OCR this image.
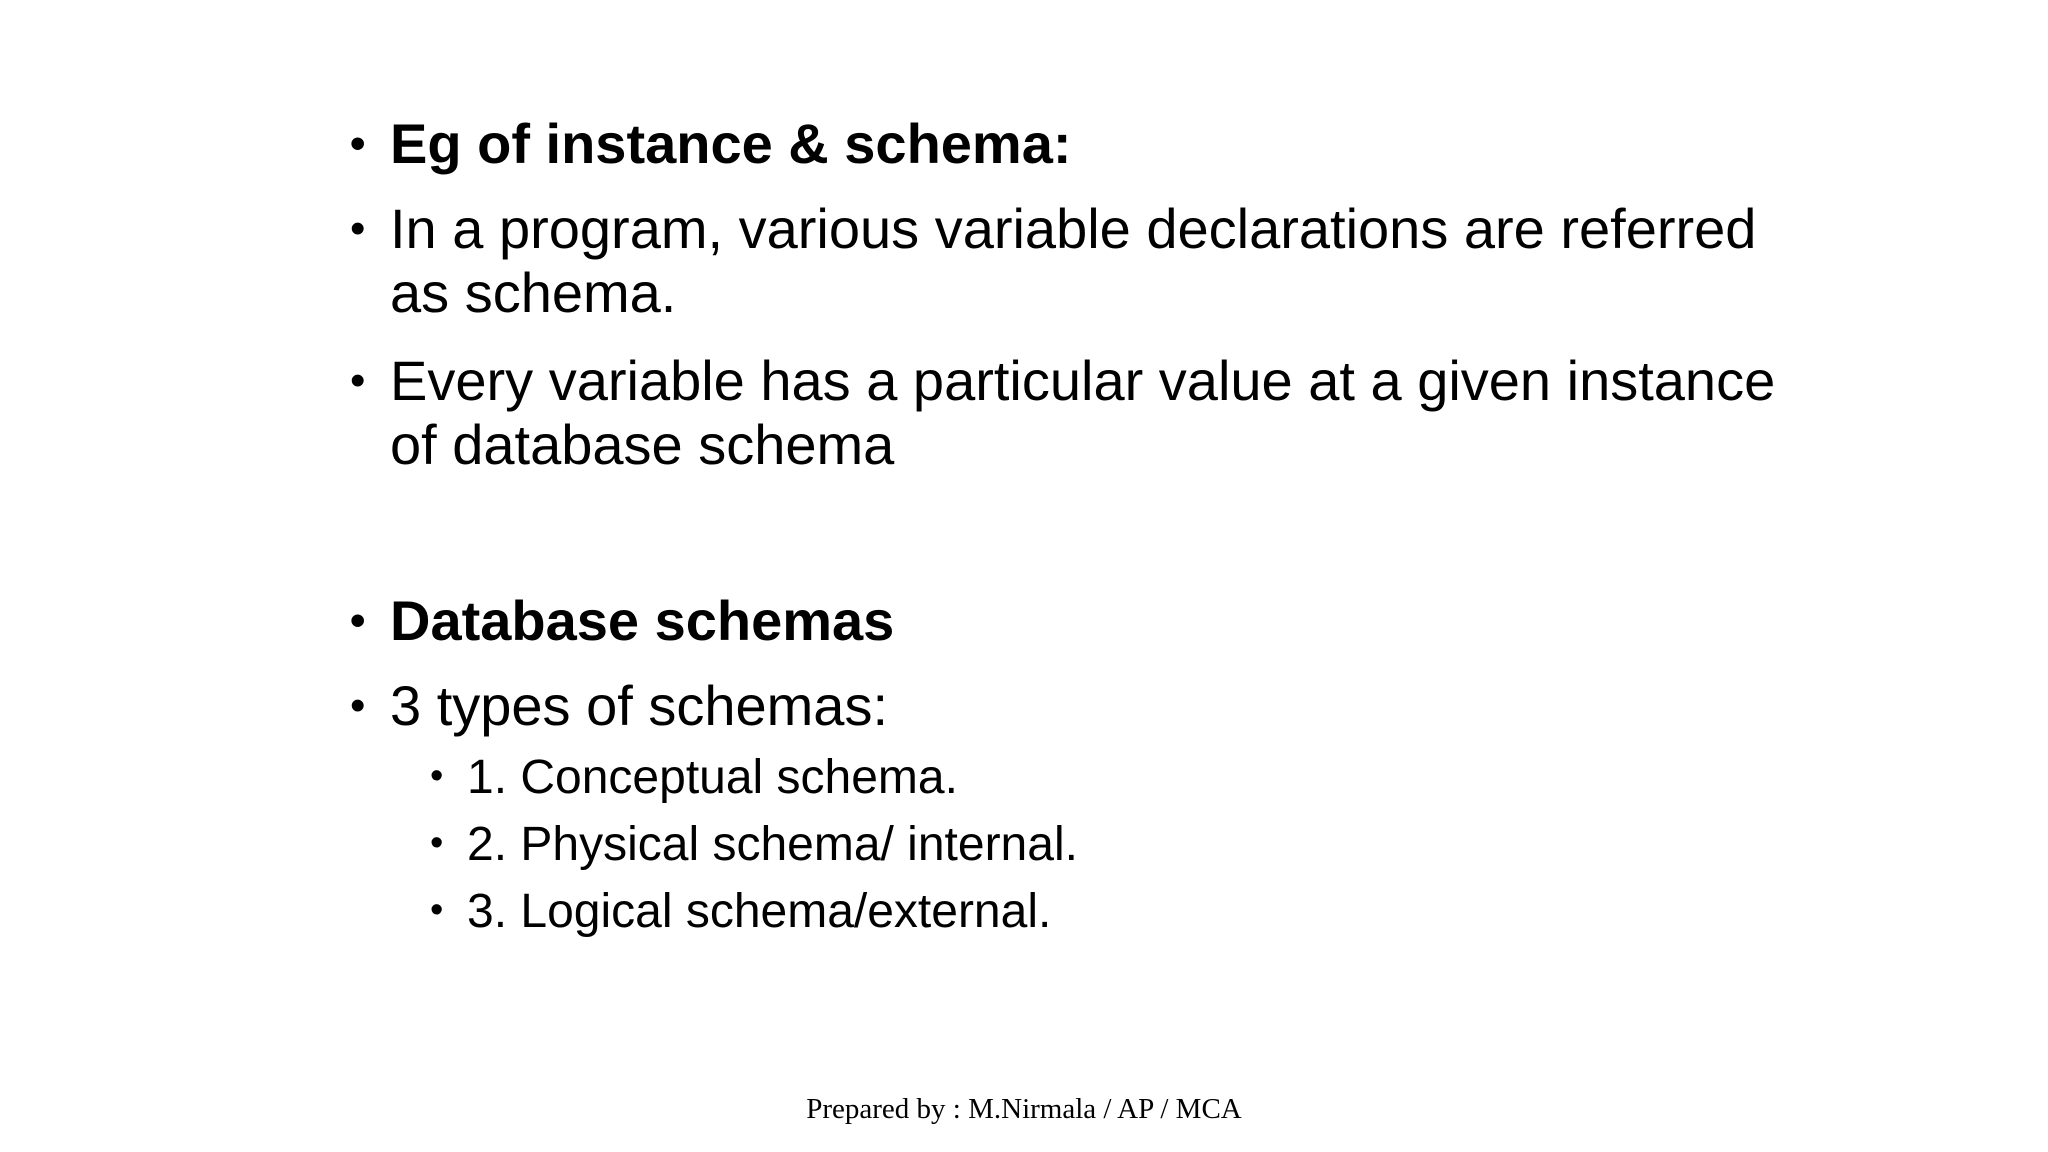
• Eg of instance & schema:
• In a program, various variable declarations are referred as schema.
• Every variable has a particular value at a given instance of database schema
• Database schemas
• 3 types of schemas:
• 1. Conceptual schema.
• 2. Physical schema/ internal.
• 3. Logical schema/external.
Prepared by : M.Nirmala / AP / MCA
